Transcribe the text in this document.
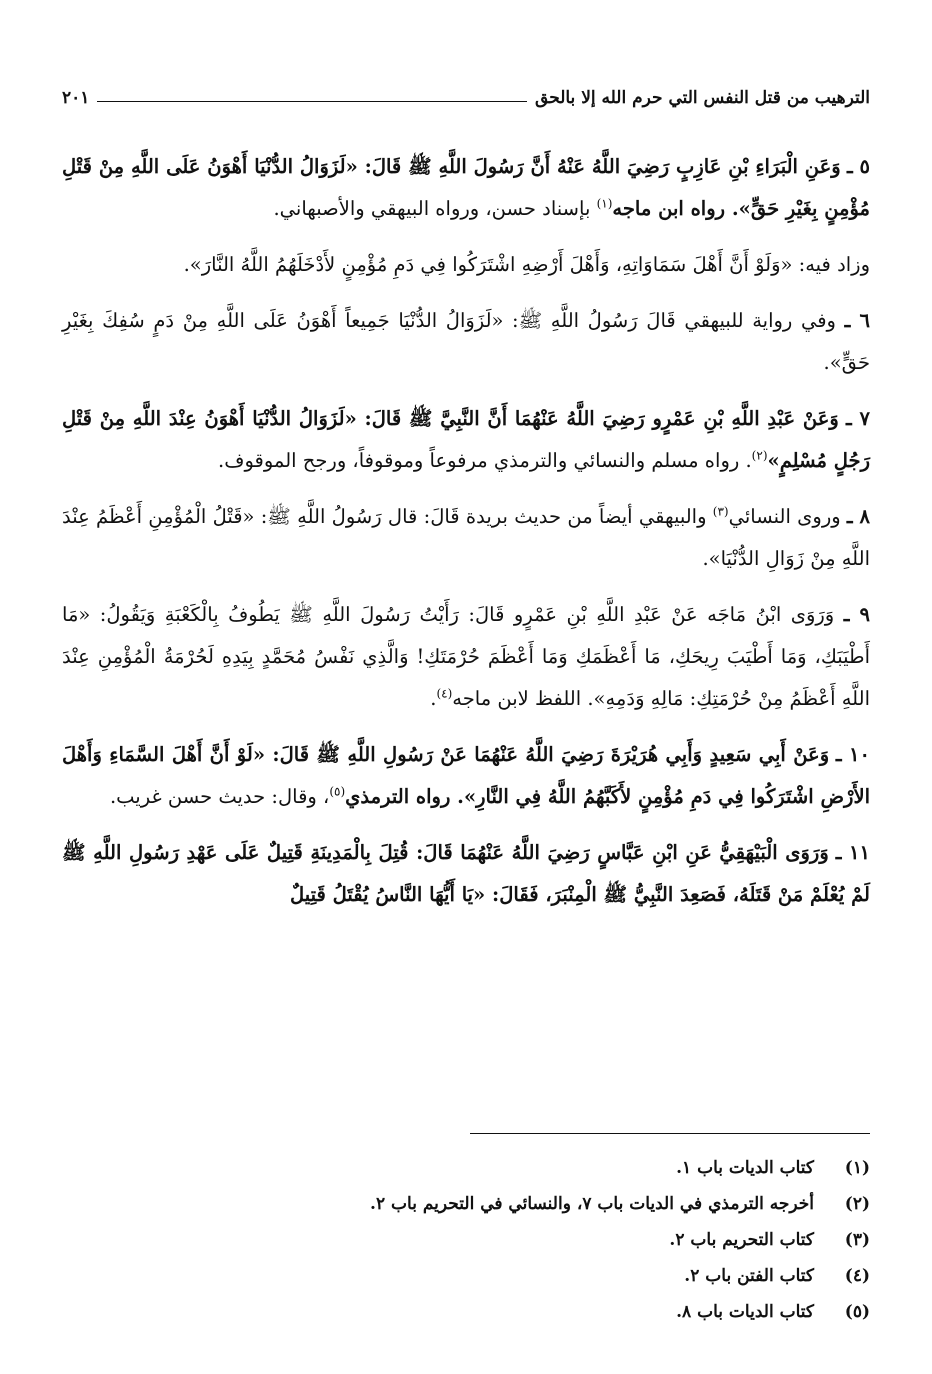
الترهيب من قتل النفس التي حرم الله إلا بالحق
٢٠١

٥ ـ وَعَنِ الْبَرَاءِ بْنِ عَازِبٍ رَضِيَ اللَّهُ عَنْهُ أَنَّ رَسُولَ اللَّهِ ﷺ قَالَ: «لَزَوَالُ الدُّنْيَا أَهْوَنُ عَلَى اللَّهِ مِنْ قَتْلِ مُؤْمِنٍ بِغَيْرِ حَقٍّ». رواه ابن ماجه$^{(١)}$ بإسناد حسن، ورواه البيهقي والأصبهاني.

وزاد فيه: «وَلَوْ أَنَّ أَهْلَ سَمَاوَاتِهِ، وَأَهْلَ أَرْضِهِ اشْتَرَكُوا فِي دَمِ مُؤْمِنٍ لأَدْخَلَهُمُ اللَّهُ النَّارَ».

٦ ـ وفي رواية للبيهقي قَالَ رَسُولُ اللَّهِ ﷺ: «لَزَوَالُ الدُّنْيَا جَمِيعاً أَهْوَنُ عَلَى اللَّهِ مِنْ دَمٍ سُفِكَ بِغَيْرِ حَقٍّ».

٧ ـ وَعَنْ عَبْدِ اللَّهِ بْنِ عَمْرٍو رَضِيَ اللَّهُ عَنْهُمَا أَنَّ النَّبِيَّ ﷺ قَالَ: «لَزَوَالُ الدُّنْيَا أَهْوَنُ عِنْدَ اللَّهِ مِنْ قَتْلِ رَجُلٍ مُسْلِمٍ»$^{(٢)}$. رواه مسلم والنسائي والترمذي مرفوعاً وموقوفاً، ورجح الموقوف.

٨ ـ وروى النسائي$^{(٣)}$ والبيهقي أيضاً من حديث بريدة قَالَ: قال رَسُولُ اللَّهِ ﷺ: «قَتْلُ الْمُؤْمِنِ أَعْظَمُ عِنْدَ اللَّهِ مِنْ زَوَالِ الدُّنْيَا».

٩ ـ وَرَوَى ابْنُ مَاجَه عَنْ عَبْدِ اللَّهِ بْنِ عَمْرٍو قَالَ: رَأَيْتُ رَسُولَ اللَّهِ ﷺ يَطُوفُ بِالْكَعْبَةِ وَيَقُولُ: «مَا أَطْيَبَكِ، وَمَا أَطْيَبَ رِيحَكِ، مَا أَعْظَمَكِ وَمَا أَعْظَمَ حُرْمَتَكِ! وَالَّذِي نَفْسُ مُحَمَّدٍ بِيَدِهِ لَحُرْمَةُ الْمُؤْمِنِ عِنْدَ اللَّهِ أَعْظَمُ مِنْ حُرْمَتِكِ: مَالِهِ وَدَمِهِ». اللفظ لابن ماجه$^{(٤)}$.

١٠ ـ وَعَنْ أَبِي سَعِيدٍ وَأَبِي هُرَيْرَةَ رَضِيَ اللَّهُ عَنْهُمَا عَنْ رَسُولِ اللَّهِ ﷺ قَالَ: «لَوْ أَنَّ أَهْلَ السَّمَاءِ وَأَهْلَ الأَرْضِ اشْتَرَكُوا فِي دَمِ مُؤْمِنٍ لأَكَبَّهُمُ اللَّهُ فِي النَّارِ». رواه الترمذي$^{(٥)}$، وقال: حديث حسن غريب.

١١ ـ وَرَوَى الْبَيْهَقِيُّ عَنِ ابْنِ عَبَّاسٍ رَضِيَ اللَّهُ عَنْهُمَا قَالَ: قُتِلَ بِالْمَدِينَةِ قَتِيلٌ عَلَى عَهْدِ رَسُولِ اللَّهِ ﷺ لَمْ يُعْلَمْ مَنْ قَتَلَهُ، فَصَعِدَ النَّبِيُّ ﷺ الْمِنْبَرَ، فَقَالَ: «يَا أَيُّهَا النَّاسُ يُقْتَلُ قَتِيلٌ

(١)
كتاب الديات باب ١.
(٢)
أخرجه الترمذي في الديات باب ٧، والنسائي في التحريم باب ٢.
(٣)
كتاب التحريم باب ٢.
(٤)
كتاب الفتن باب ٢.
(٥)
كتاب الديات باب ٨.
